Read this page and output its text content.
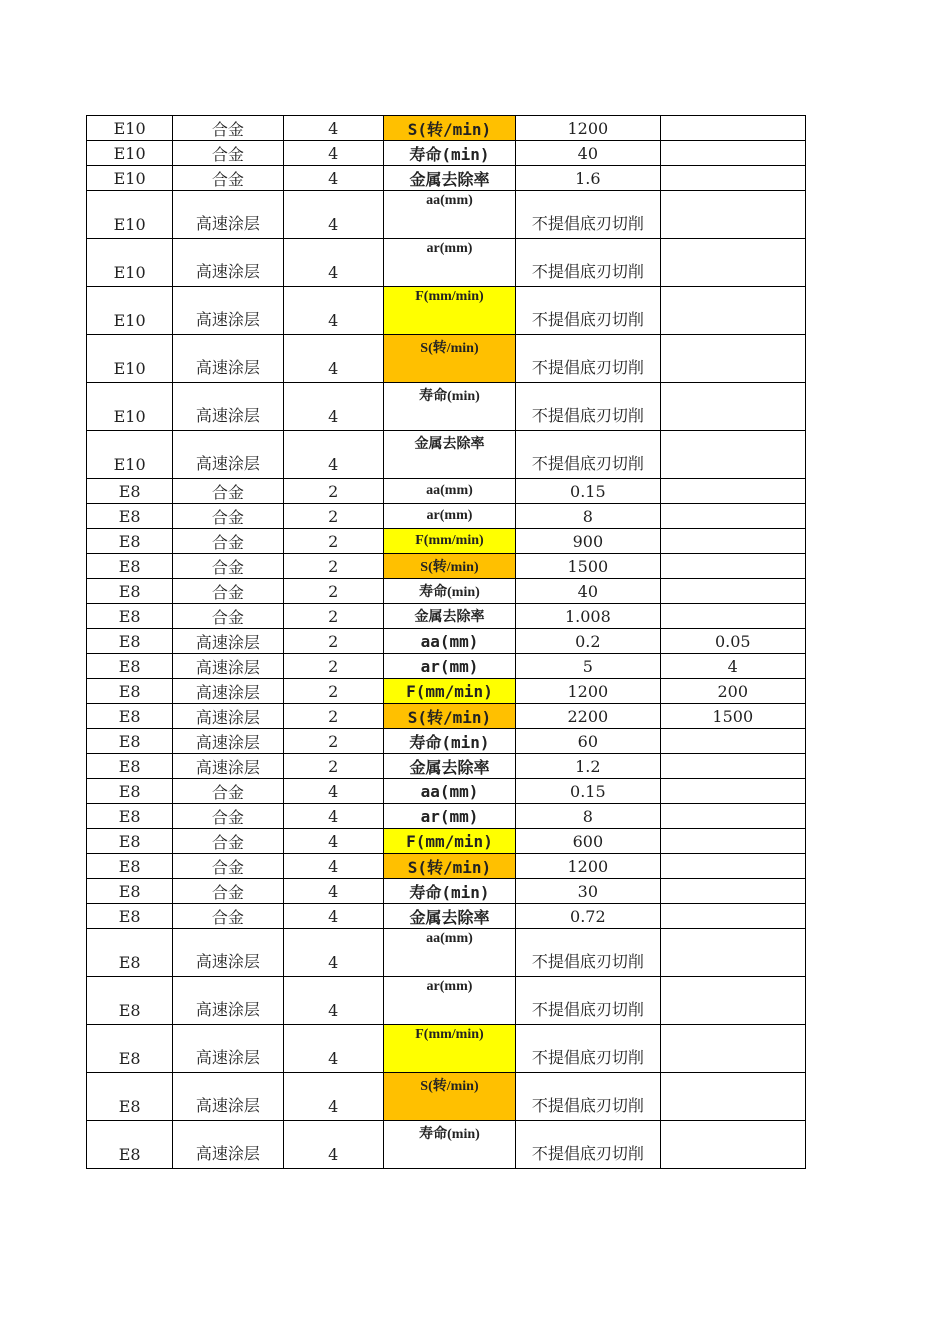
E10	合金	4	S(转/min)	1200	
E10	合金	4	寿命(min)	40	
E10	合金	4	金属去除率	1.6	
E10	高速涂层	4	aa(mm)	不提倡底刃切削	
E10	高速涂层	4	ar(mm)	不提倡底刃切削	
E10	高速涂层	4	F(mm/min)	不提倡底刃切削	
E10	高速涂层	4	S(转/min)	不提倡底刃切削	
E10	高速涂层	4	寿命(min)	不提倡底刃切削	
E10	高速涂层	4	金属去除率	不提倡底刃切削	
E8	合金	2	aa(mm)	0.15	
E8	合金	2	ar(mm)	8	
E8	合金	2	F(mm/min)	900	
E8	合金	2	S(转/min)	1500	
E8	合金	2	寿命(min)	40	
E8	合金	2	金属去除率	1.008	
E8	高速涂层	2	aa(mm)	0.2	0.05
E8	高速涂层	2	ar(mm)	5	4
E8	高速涂层	2	F(mm/min)	1200	200
E8	高速涂层	2	S(转/min)	2200	1500
E8	高速涂层	2	寿命(min)	60	
E8	高速涂层	2	金属去除率	1.2	
E8	合金	4	aa(mm)	0.15	
E8	合金	4	ar(mm)	8	
E8	合金	4	F(mm/min)	600	
E8	合金	4	S(转/min)	1200	
E8	合金	4	寿命(min)	30	
E8	合金	4	金属去除率	0.72	
E8	高速涂层	4	aa(mm)	不提倡底刃切削	
E8	高速涂层	4	ar(mm)	不提倡底刃切削	
E8	高速涂层	4	F(mm/min)	不提倡底刃切削	
E8	高速涂层	4	S(转/min)	不提倡底刃切削	
E8	高速涂层	4	寿命(min)	不提倡底刃切削	
